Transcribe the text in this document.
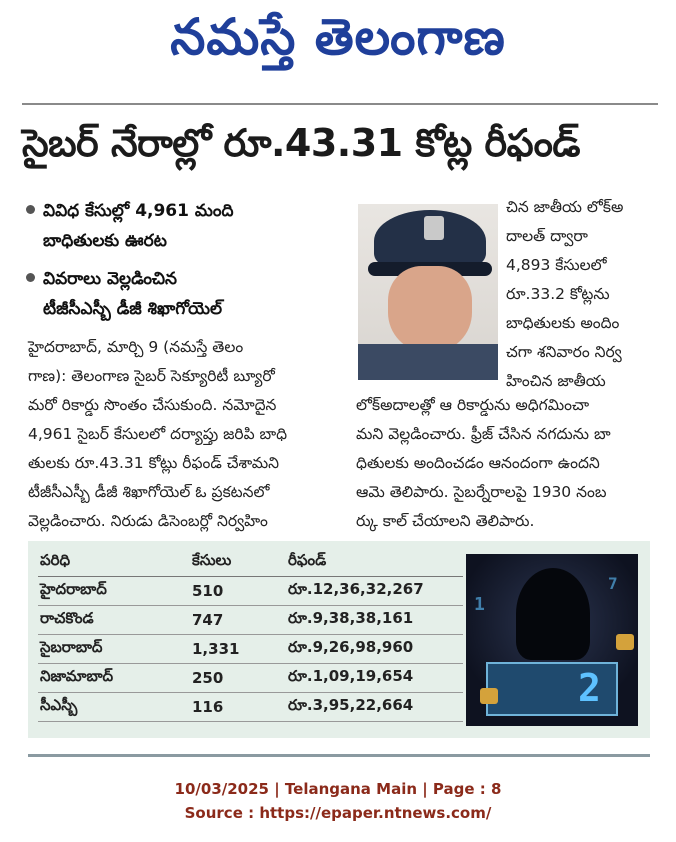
నమస్తే తెలంగాణ
సైబర్ నేరాల్లో రూ.43.31 కోట్ల రీఫండ్
వివిధ కేసుల్లో 4,961 మంది
బాధితులకు ఊరట
వివరాలు వెల్లడించిన
టీజీసీఎస్బీ డీజీ శిఖాగోయెల్
హైదరాబాద్, మార్చి 9 (నమస్తే తెలం
గాణ): తెలంగాణ సైబర్ సెక్యూరిటీ బ్యూరో
మరో రికార్డు సొంతం చేసుకుంది. నమోదైన
4,961 సైబర్ కేసులలో దర్యాప్తు జరిపి బాధి
తులకు రూ.43.31 కోట్లు రీఫండ్ చేశామని
టీజీసీఎస్బీ డీజీ శిఖాగోయెల్ ఓ ప్రకటనలో
వెల్లడించారు. నిరుడు డిసెంబర్లో నిర్వహిం
చిన జాతీయ లోక్అ
దాలత్ ద్వారా
4,893 కేసులలో
రూ.33.2 కోట్లను
బాధితులకు అందిం
చగా శనివారం నిర్వ
హించిన జాతీయ
లోక్అదాలత్లో ఆ రికార్డును అధిగమించా
మని వెల్లడించారు. ఫ్రీజ్ చేసిన నగదును బా
ధితులకు అందించడం ఆనందంగా ఉందని
ఆమె తెలిపారు. సైబర్నేరాలపై 1930 నంబ
ర్కు కాల్ చేయాలని తెలిపారు.
పరిధి	కేసులు	రీఫండ్
హైదరాబాద్	510	రూ.12,36,32,267
రాచకొండ	747	రూ.9,38,38,161
సైబరాబాద్	1,331	రూ.9,26,98,960
నిజామాబాద్	250	రూ.1,09,19,654
సీఎస్బీ	116	రూ.3,95,22,664	2
1
7
10/03/2025 | Telangana Main | Page : 8
Source : https://epaper.ntnews.com/
